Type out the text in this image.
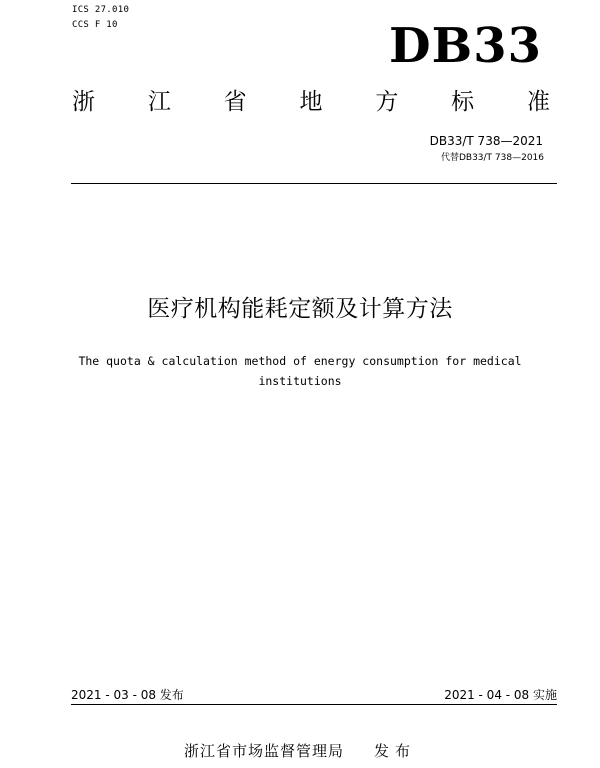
ICS 27.010
CCS F 10	DB33
浙 江 省 地 方 标 准
DB33/T 738—2021
代替DB33/T 738—2016
医疗机构能耗定额及计算方法
The quota & calculation method of energy consumption for medical
institutions
2021 - 03 - 08 发布	2021 - 04 - 08 实施
浙江省市场监督管理局 发布
